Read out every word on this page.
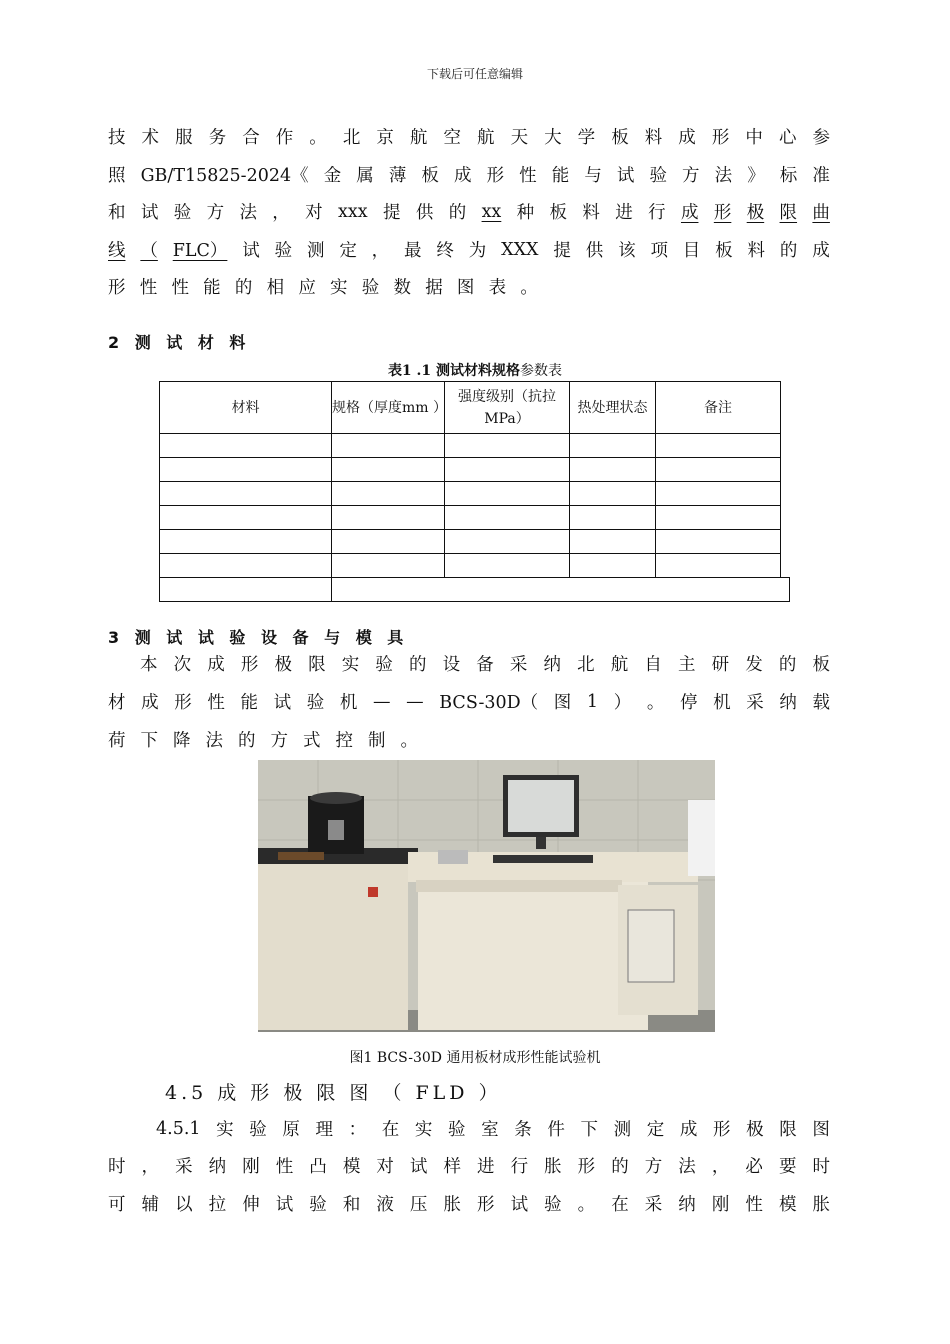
下载后可任意编辑
技 术 服 务 合 作 。 北 京 航 空 航 天 大 学 板 料 成 形 中 心 参
照 GB/T15825-2024《 金 属 薄 板 成 形 性 能 与 试 验 方 法 》 标 准
和 试 验 方 法 ， 对 xxx 提 供 的 xx 种 板 料 进 行 成 形 极 限 曲
线 （ FLC） 试 验 测 定 ， 最 终 为 XXX 提 供 该 项 目 板 料 的 成
形 性 性 能 的 相 应 实 验 数 据 图 表 。
2 测 试 材 料
表1 .1 测试材料规格参数表
材料	规格（厚度mm ）	强度级别（抗拉MPa）	热处理状态	备注	

3 测 试 试 验 设 备 与 模 具
本 次 成 形 极 限 实 验 的 设 备 采 纳 北 航 自 主 研 发 的 板
材 成 形 性 能 试 验 机 — — BCS-30D（ 图 1 ） 。 停 机 采 纳 载
荷 下 降 法 的 方 式 控 制 。
图1 BCS-30D 通用板材成形性能试验机
4.5 成 形 极 限 图 （ FLD ）
4.5.1 实 验 原 理 ： 在 实 验 室 条 件 下 测 定 成 形 极 限 图
时 ， 采 纳 刚 性 凸 模 对 试 样 进 行 胀 形 的 方 法 ， 必 要 时
可 辅 以 拉 伸 试 验 和 液 压 胀 形 试 验 。 在 采 纳 刚 性 模 胀
